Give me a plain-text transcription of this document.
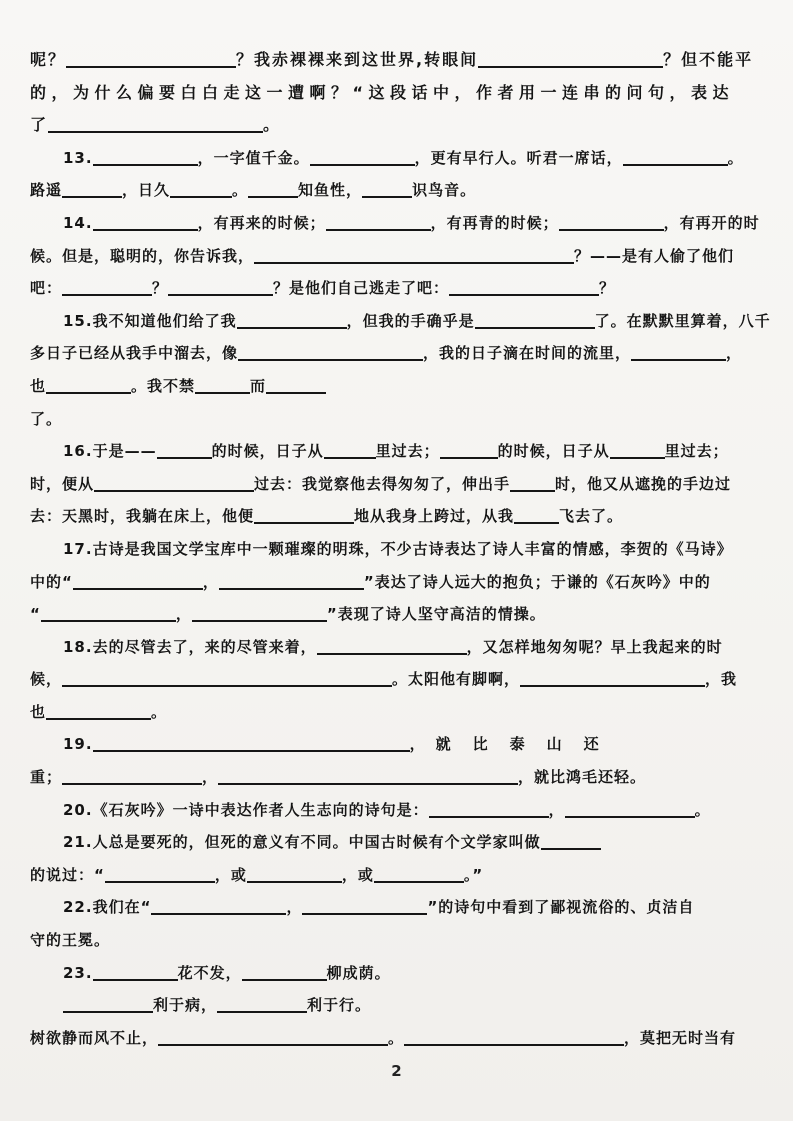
呢？	？我赤裸裸来到这世界,转眼间	？但不能平
的，为什么偏要白白走这一遭啊？“这段话中，作者用一连串的问句，表达
了	。
13.	，一字值千金。	，更有早行人。听君一席话，	。
路遥	，日久	。	知鱼性，	识鸟音。
14.	，有再来的时候；	，有再青的时候；	，有再开的时
候。但是，聪明的，你告诉我，	？——是有人偷了他们
吧：	？	？是他们自己逃走了吧：	？
15.我不知道他们给了我	，但我的手确乎是	了。在默默里算着，八千
多日子已经从我手中溜去，像	，我的日子滴在时间的流里，	，
也	。我不禁	而
了。
16.于是——	的时候，日子从	里过去；	的时候，日子从	里过去；
时，便从	过去：我觉察他去得匆匆了，伸出手	时，他又从遮挽的手边过
去：天黑时，我躺在床上，他便	地从我身上跨过，从我	飞去了。
17.古诗是我国文学宝库中一颗璀璨的明珠，不少古诗表达了诗人丰富的情感，李贺的《马诗》
中的“	，	”表达了诗人远大的抱负；于谦的《石灰吟》中的
“	，	”表现了诗人坚守高洁的情操。
18.去的尽管去了，来的尽管来着，	，又怎样地匆匆呢？早上我起来的时
候，	。太阳他有脚啊，	，我
也	。
19.	， 就比泰山还
重；	，	，就比鸿毛还轻。
20.《石灰吟》一诗中表达作者人生志向的诗句是：	，	。
21.人总是要死的，但死的意义有不同。中国古时候有个文学家叫做
的说过：“	，或	，或	。”
22.我们在“	，	”的诗句中看到了鄙视流俗的、贞洁自
守的王冕。
23.	花不发，	柳成荫。
利于病，	利于行。
树欲静而风不止，	。	，莫把无时当有
2
